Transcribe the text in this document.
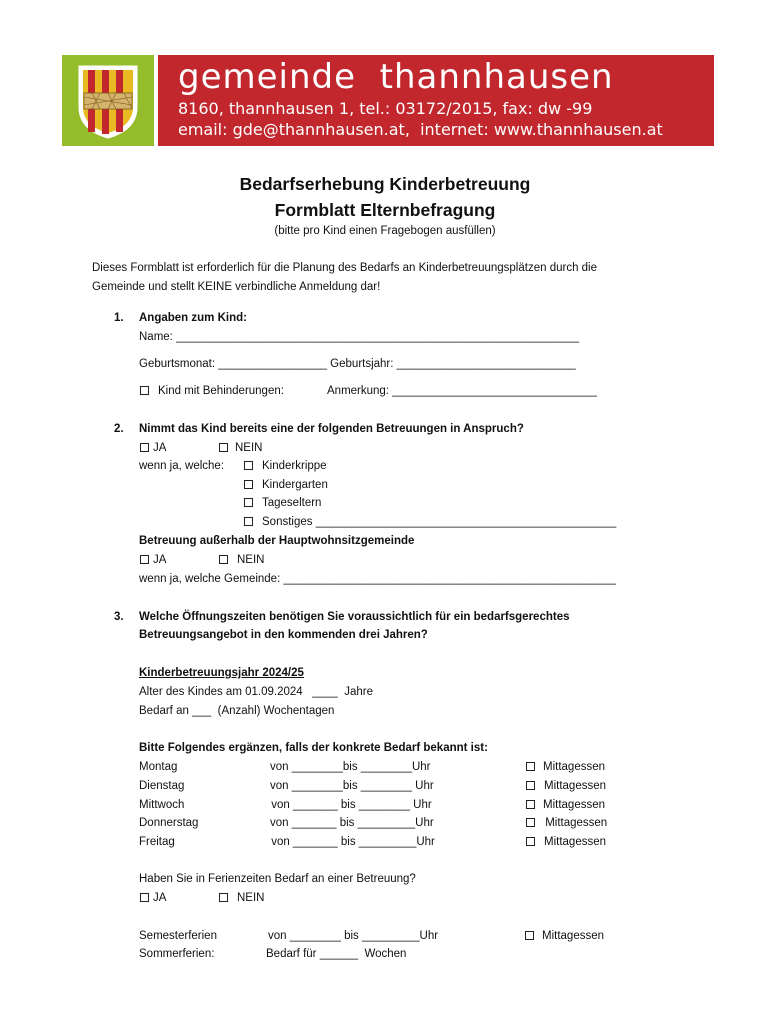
gemeinde  thannhausen
8160, thannhausen 1, tel.: 03172/2015, fax: dw -99
email: gde@thannhausen.at,  internet: www.thannhausen.at
Bedarfserhebung Kinderbetreuung
Formblatt Elternbefragung
(bitte pro Kind einen Fragebogen ausfüllen)
Dieses Formblatt ist erforderlich für die Planung des Bedarfs an Kinderbetreuungsplätzen durch die
Gemeinde und stellt KEINE verbindliche Anmeldung dar!
1. Angaben zum Kind:
Name: _______________________________________________________________
Geburtsmonat: _________________ Geburtsjahr: ____________________________
Kind mit Behinderungen:	Anmerkung: ________________________________
2. Nimmt das Kind bereits eine der folgenden Betreuungen in Anspruch?
JA	NEIN
wenn ja, welche:	Kinderkrippe
Kindergarten
Tageseltern
Sonstiges _______________________________________________
Betreuung außerhalb der Hauptwohnsitzgemeinde
JA	NEIN
wenn ja, welche Gemeinde: ____________________________________________________
3. Welche Öffnungszeiten benötigen Sie voraussichtlich für ein bedarfsgerechtes
Betreuungsangebot in den kommenden drei Jahren?
Kinderbetreuungsjahr 2024/25
Alter des Kindes am 01.09.2024   ____  Jahre
Bedarf an ___  (Anzahl) Wochentagen
Bitte Folgendes ergänzen, falls der konkrete Bedarf bekannt ist:
Montag	von ________bis ________Uhr	Mittagessen
Dienstag	von ________bis ________ Uhr	Mittagessen
Mittwoch	von _______ bis ________ Uhr	Mittagessen
Donnerstag	von _______ bis _________Uhr	Mittagessen
Freitag	von _______ bis _________Uhr	Mittagessen
Haben Sie in Ferienzeiten Bedarf an einer Betreuung?
JA	NEIN
Semesterferien	von ________ bis _________Uhr	Mittagessen
Sommerferien:	Bedarf für ______  Wochen
